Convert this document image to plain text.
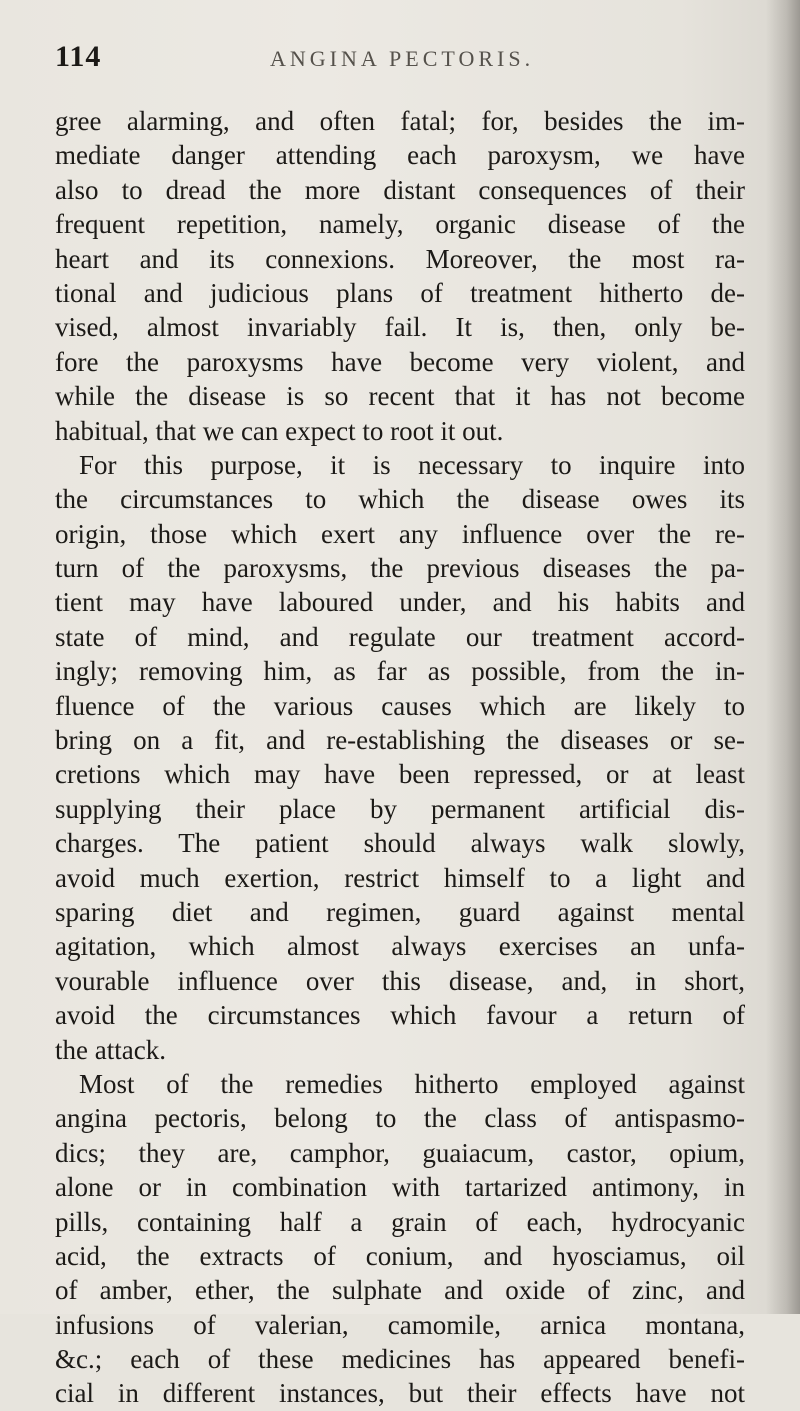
114	ANGINA PECTORIS.
gree alarming, and often fatal; for, besides the im-
mediate danger attending each paroxysm, we have
also to dread the more distant consequences of their
frequent repetition, namely, organic disease of the
heart and its connexions. Moreover, the most ra-
tional and judicious plans of treatment hitherto de-
vised, almost invariably fail. It is, then, only be-
fore the paroxysms have become very violent, and
while the disease is so recent that it has not become
habitual, that we can expect to root it out.
For this purpose, it is necessary to inquire into
the circumstances to which the disease owes its
origin, those which exert any influence over the re-
turn of the paroxysms, the previous diseases the pa-
tient may have laboured under, and his habits and
state of mind, and regulate our treatment accord-
ingly; removing him, as far as possible, from the in-
fluence of the various causes which are likely to
bring on a fit, and re-establishing the diseases or se-
cretions which may have been repressed, or at least
supplying their place by permanent artificial dis-
charges. The patient should always walk slowly,
avoid much exertion, restrict himself to a light and
sparing diet and regimen, guard against mental
agitation, which almost always exercises an unfa-
vourable influence over this disease, and, in short,
avoid the circumstances which favour a return of
the attack.
Most of the remedies hitherto employed against
angina pectoris, belong to the class of antispasmo-
dics; they are, camphor, guaiacum, castor, opium,
alone or in combination with tartarized antimony, in
pills, containing half a grain of each, hydrocyanic
acid, the extracts of conium, and hyosciamus, oil
of amber, ether, the sulphate and oxide of zinc, and
infusions of valerian, camomile, arnica montana,
&c.; each of these medicines has appeared benefi-
cial in different instances, but their effects have not
